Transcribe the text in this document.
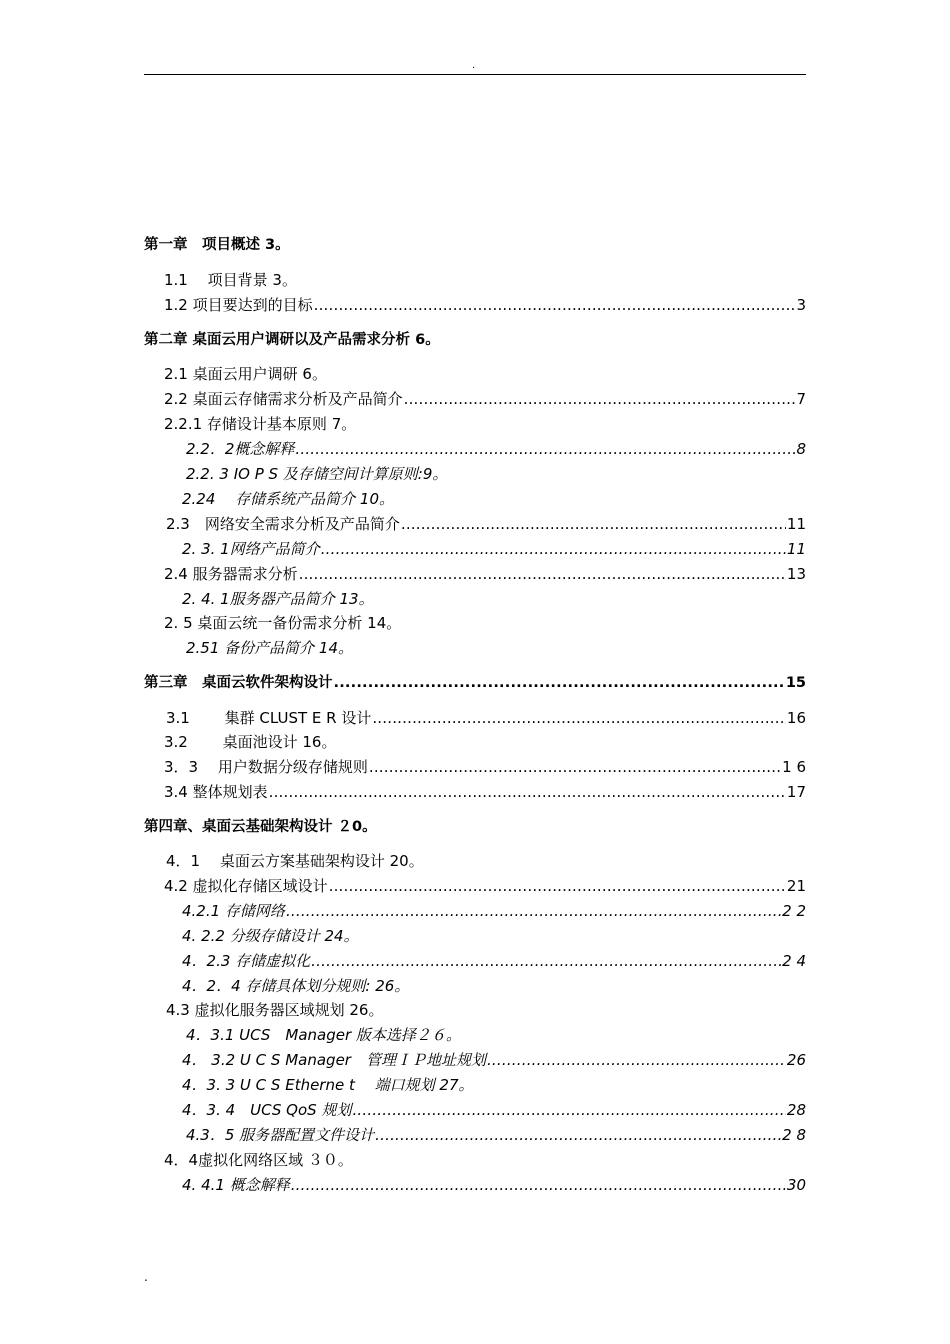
.
第一章　项目概述 3 。
1.1　 项目背景 3 。
1.2 项目要达到的目标 .....	3
第二章 桌面云用户调研以及产品需求分析 6 。
2.1 桌面云用户调研 6 。
2.2 桌面云存储需求分析及产品简介 .....	7
2.2.1 存储设计基本原则 7 。
2.2．2概念解释 .....	8
2.2. 3 IO P S 及存储空间计算原则:9 。
2.24　 存储系统产品简介 10 。
2.3　网络安全需求分析及产品简介 .....	11
2. 3. 1网络产品简介 .....	11
2.4 服务器需求分析 .....	13
2. 4. 1服务器产品简介 13 。
2. 5 桌面云统一备份需求分析 14 。
2.51 备份产品简介 14 。
第三章　桌面云软件架构设计 .....	15
3.1　　 集群 CLUST E R 设计 .....	16
3.2　　 桌面池设计 16 。
3．3　 用户数据分级存储规则 .....	1 6
3.4 整体规划表 .....	17
第四章、桌面云基础架构设计 ２0 。
4．1　 桌面云方案基础架构设计 20 。
4.2 虚拟化存储区域设计 .....	21
4.2.1 存储网络 .....	2 2
4. 2.2 分级存储设计 24 。
4．2.3 存储虚拟化 .....	2 4
4．2．4 存储具体划分规则: 26 。
4.3 虚拟化服务器区域规划 26 。
4．3.1 UCS　Manager 版本选择２６ 。
4． 3.2 U C S Manager　管理ＩＰ地址规划 .....	26
4．3. 3 U C S Etherne t　 端口规划 27 。
4．3. 4　UCS QoS 规划 .....	28
4.3．5 服务器配置文件设计 .....	2 8
4．4虚拟化网络区域 ３０ 。
4. 4.1 概念解释 .....	30
.
